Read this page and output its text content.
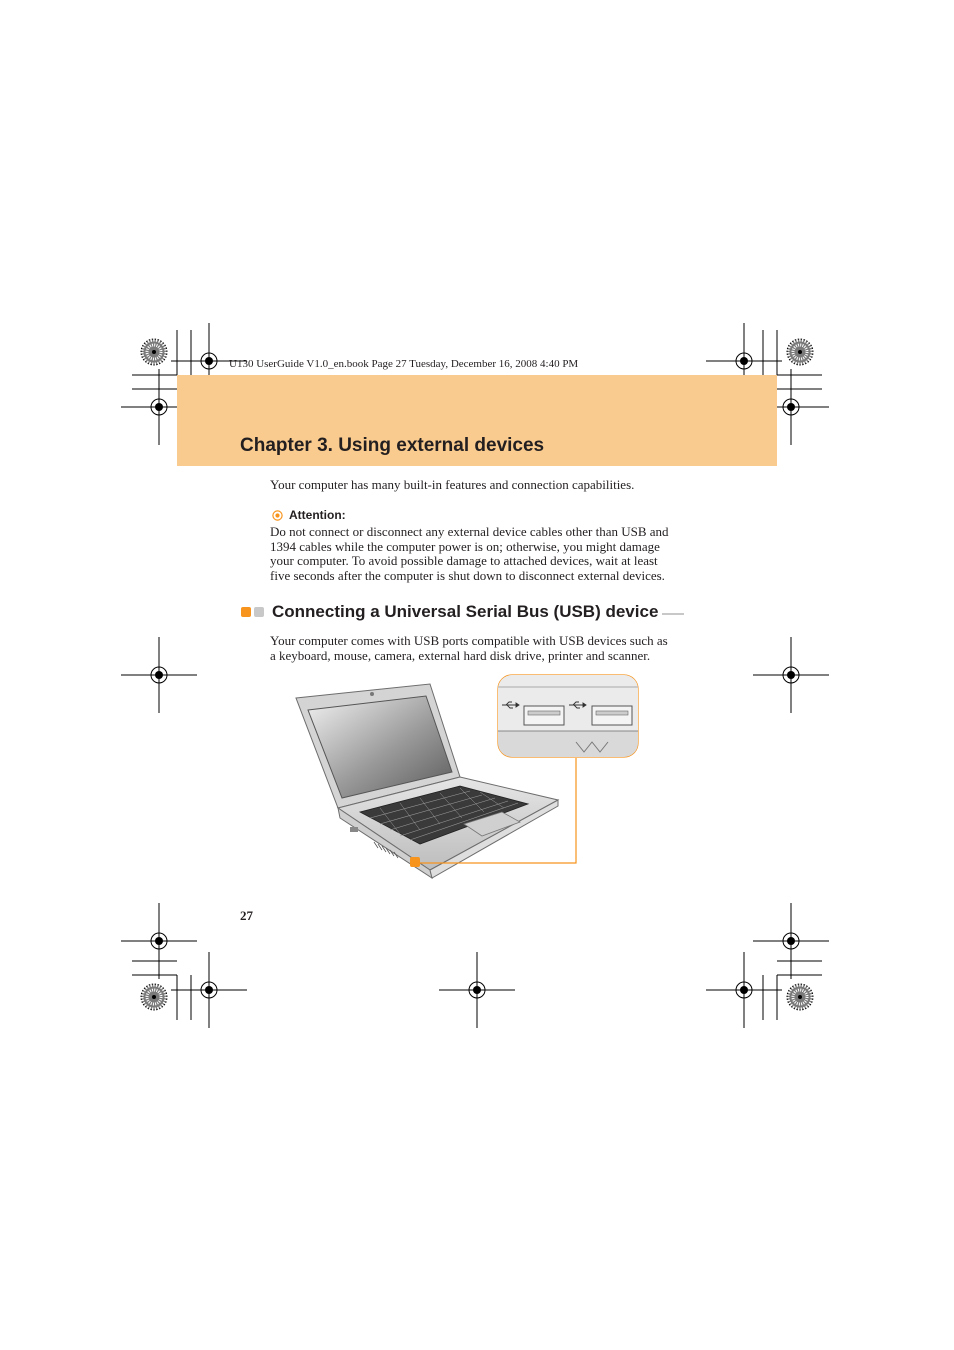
U130 UserGuide V1.0_en.book Page 27 Tuesday, December 16, 2008 4:40 PM
Chapter 3. Using external devices
Your computer has many built-in features and connection capabilities.
Attention:
Do not connect or disconnect any external device cables other than USB and
1394 cables while the computer power is on; otherwise, you might damage
your computer. To avoid possible damage to attached devices, wait at least
five seconds after the computer is shut down to disconnect external devices.
Connecting a Universal Serial Bus (USB) device
Your computer comes with USB ports compatible with USB devices such as
a keyboard, mouse, camera, external hard disk drive, printer and scanner.
27
